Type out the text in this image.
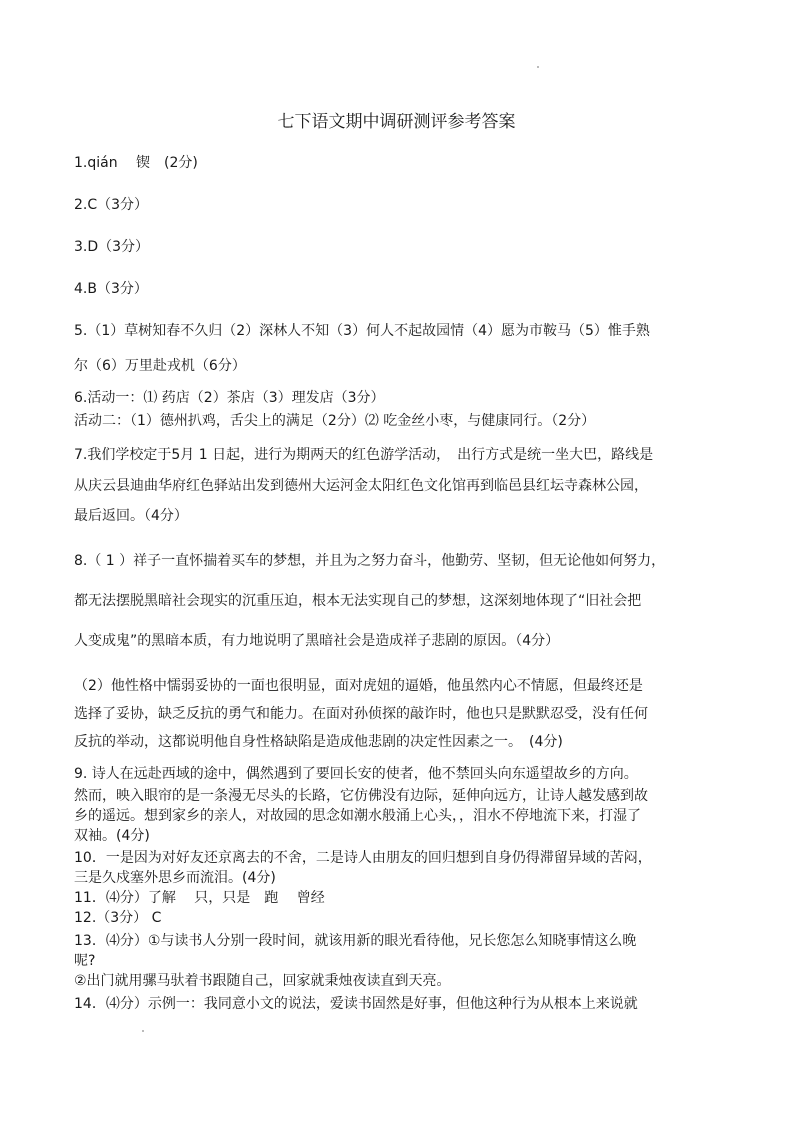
七下语文期中调研测评参考答案
1.qián　 锲　(2分)
2.C（3分）
3.D（3分）
4.B（3分）
5.（1）草树知春不久归（2）深林人不知（3）何人不起故园情（4）愿为市鞍马（5）惟手熟
尔（6）万里赴戎机（6分）
6.活动一：⑴ 药店（2）茶店（3）理发店（3分）
活动二：（1）德州扒鸡，舌尖上的满足（2分）⑵ 吃金丝小枣，与健康同行。（2分）
7.我们学校定于5月 1 日起，进行为期两天的红色游学活动，　出行方式是统一坐大巴，路线是
从庆云县迪曲华府红色驿站出发到德州大运河金太阳红色文化馆再到临邑县红坛寺森林公园，
最后返回。（4分）
8.（ 1 ）祥子一直怀揣着买车的梦想，并且为之努力奋斗，他勤劳、坚韧，但无论他如何努力，
都无法摆脱黑暗社会现实的沉重压迫，根本无法实现自己的梦想，这深刻地体现了“旧社会把
人变成鬼”的黑暗本质，有力地说明了黑暗社会是造成祥子悲剧的原因。（4分）
（2）他性格中懦弱妥协的一面也很明显，面对虎妞的逼婚，他虽然内心不情愿，但最终还是
选择了妥协，缺乏反抗的勇气和能力。在面对孙侦探的敲诈时，他也只是默默忍受，没有任何
反抗的举动，这都说明他自身性格缺陷是造成他悲剧的决定性因素之一。　(4分)
9. 诗人在远赴西域的途中，偶然遇到了要回长安的使者，他不禁回头向东遥望故乡的方向。
然而，映入眼帘的是一条漫无尽头的长路，它仿佛没有边际，延伸向远方，让诗人越发感到故
乡的遥远。想到家乡的亲人，对故园的思念如潮水般涌上心头，，泪水不停地流下来，打湿了
双袖。(4分)
10．一是因为对好友还京离去的不舍，二是诗人由朋友的回归想到自身仍得滞留异域的苦闷，
三是久戍塞外思乡而流泪。(4分)
11．⑷分）了解　 只，只是　跑　 曾经
12.（3分） C
13．⑷分）①与读书人分别一段时间，就该用新的眼光看待他，兄长您怎么知晓事情这么晚
呢?
②出门就用骡马驮着书跟随自己，回家就秉烛夜读直到天亮。
14．⑷分）示例一：我同意小文的说法，爱读书固然是好事，但他这种行为从根本上来说就
